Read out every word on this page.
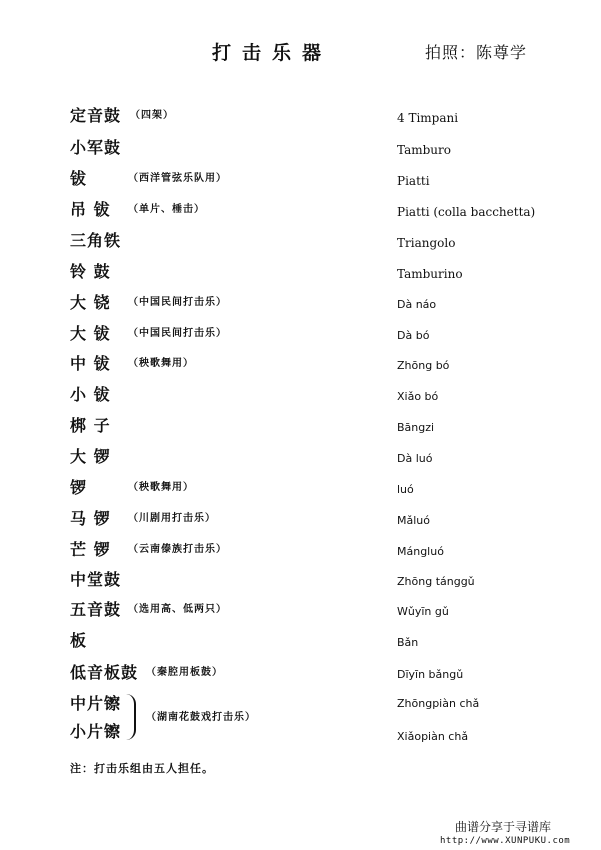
打击乐器	拍照：陈尊学
定音鼓 （四架）	4 Timpani
小军鼓	Tamburo
钹	（西洋管弦乐队用）	Piatti
吊 钹 （单片、棰击）	Piatti (colla bacchetta)
三角铁	Triangolo
铃 鼓	Tamburino
大 铙 （中国民间打击乐）	Dà náo
大 钹 （中国民间打击乐）	Dà bó
中 钹 （秧歌舞用）	Zhōng bó
小 钹	Xiǎo bó
梆 子	Bāngzi
大 锣	Dà luó
锣	（秧歌舞用）	luó
马 锣 （川剧用打击乐）	Mǎluó
芒 锣 （云南傣族打击乐）	Mángluó
中堂鼓	Zhōng tánggǔ
五音鼓 （选用高、低两只）	Wǔyīn gǔ
板	Bǎn
低音板鼓 （秦腔用板鼓）	Dīyīn bǎngǔ
中片镲	Zhōngpiàn chǎ
小片镲	Xiǎopiàn chǎ
（湖南花鼓戏打击乐）
注：打击乐组由五人担任。
曲谱分享于寻谱库
http://www.XUNPUKU.com
